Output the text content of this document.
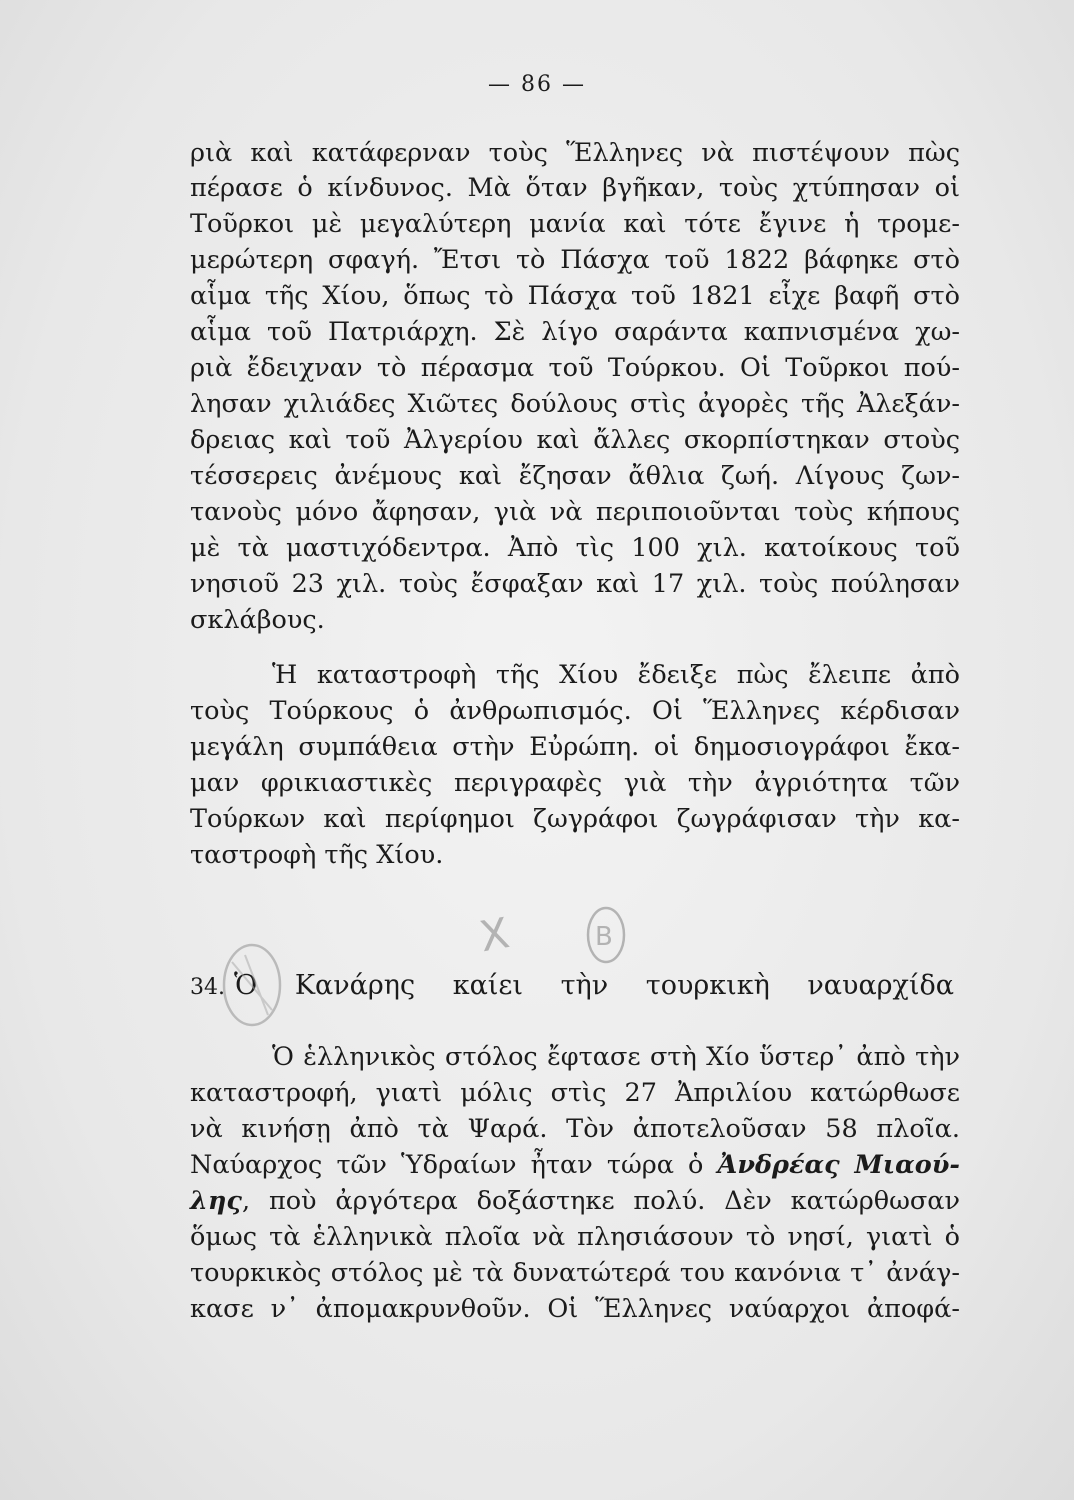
— 86 —
ριὰ καὶ κατάφερναν τοὺς Ἕλληνες νὰ πιστέψουν πὼς
πέρασε ὁ κίνδυνος. Μὰ ὅταν βγῆκαν, τοὺς χτύπησαν οἱ
Τοῦρκοι μὲ μεγαλύτερη μανία καὶ τότε ἔγινε ἡ τρομε-
μερώτερη σφαγή. Ἔτσι τὸ Πάσχα τοῦ 1822 βάφηκε στὸ
αἷμα τῆς Χίου, ὅπως τὸ Πάσχα τοῦ 1821 εἶχε βαφῆ στὸ
αἷμα τοῦ Πατριάρχη. Σὲ λίγο σαράντα καπνισμένα χω-
ριὰ ἔδειχναν τὸ πέρασμα τοῦ Τούρκου. Οἱ Τοῦρκοι πού-
λησαν χιλιάδες Χιῶτες δούλους στὶς ἀγορὲς τῆς Ἀλεξάν-
δρειας καὶ τοῦ Ἀλγερίου καὶ ἄλλες σκορπίστηκαν στοὺς
τέσσερεις ἀνέμους καὶ ἔζησαν ἄθλια ζωή. Λίγους ζων-
τανοὺς μόνο ἄφησαν, γιὰ νὰ περιποιοῦνται τοὺς κήπους
μὲ τὰ μαστιχόδεντρα. Ἀπὸ τὶς 100 χιλ. κατοίκους τοῦ
νησιοῦ 23 χιλ. τοὺς ἔσφαξαν καὶ 17 χιλ. τοὺς πούλησαν
σκλάβους.
Ἡ καταστροφὴ τῆς Χίου ἔδειξε πὼς ἔλειπε ἀπὸ
τοὺς Τούρκους ὁ ἀνθρωπισμός. Οἱ Ἕλληνες κέρδισαν
μεγάλη συμπάθεια στὴν Εὐρώπη. οἱ δημοσιογράφοι ἔκα-
μαν φρικιαστικὲς περιγραφὲς γιὰ τὴν ἀγριότητα τῶν
Τούρκων καὶ περίφημοι ζωγράφοι ζωγράφισαν τὴν κα-
ταστροφὴ τῆς Χίου.
34. Ὁ Κανάρης καίει τὴν τουρκικὴ ναυαρχίδα
Ὁ ἑλληνικὸς στόλος ἔφτασε στὴ Χίο ὕστερ᾽ ἀπὸ τὴν
καταστροφή, γιατὶ μόλις στὶς 27 Ἀπριλίου κατώρθωσε
νὰ κινήσῃ ἀπὸ τὰ Ψαρά. Τὸν ἀποτελοῦσαν 58 πλοῖα.
Ναύαρχος τῶν Ὑδραίων ἦταν τώρα ὁ Ἀνδρέας Μιαού-
λης, ποὺ ἀργότερα δοξάστηκε πολύ. Δὲν κατώρθωσαν
ὅμως τὰ ἑλληνικὰ πλοῖα νὰ πλησιάσουν τὸ νησί, γιατὶ ὁ
τουρκικὸς στόλος μὲ τὰ δυνατώτερά του κανόνια τ᾽ ἀνάγ-
κασε ν᾽ ἀπομακρυνθοῦν. Οἱ Ἕλληνες ναύαρχοι ἀποφά-
Χ	Β
